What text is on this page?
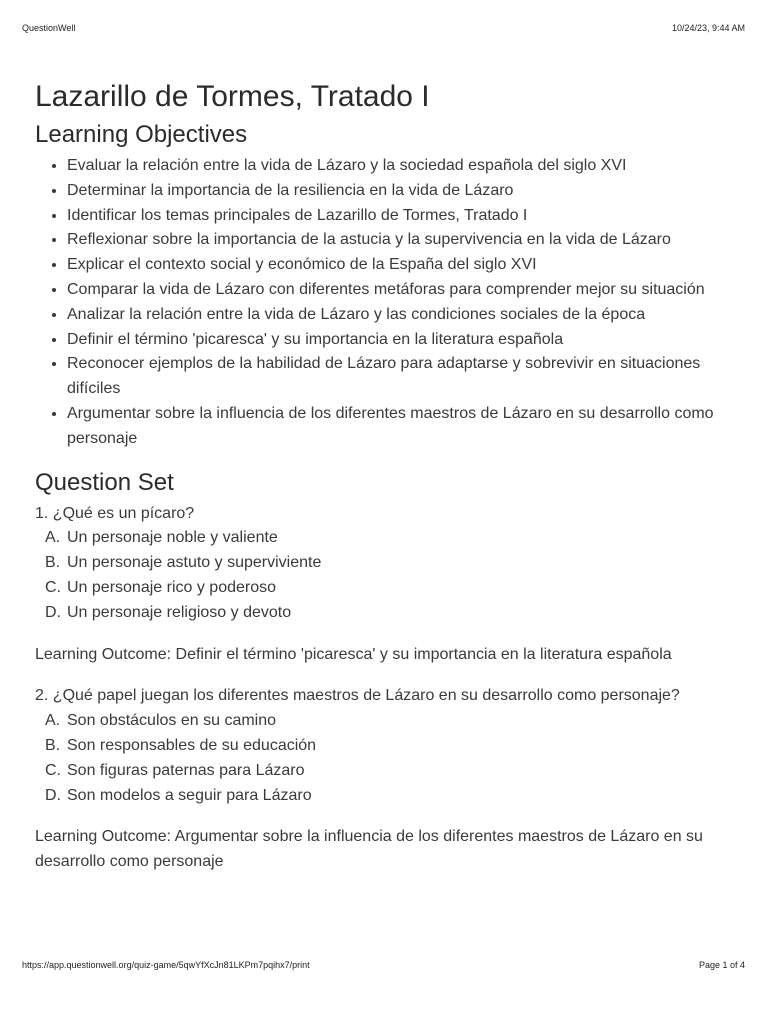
QuestionWell	10/24/23, 9:44 AM
Lazarillo de Tormes, Tratado I
Learning Objectives
• Evaluar la relación entre la vida de Lázaro y la sociedad española del siglo XVI
• Determinar la importancia de la resiliencia en la vida de Lázaro
• Identificar los temas principales de Lazarillo de Tormes, Tratado I
• Reflexionar sobre la importancia de la astucia y la supervivencia en la vida de Lázaro
• Explicar el contexto social y económico de la España del siglo XVI
• Comparar la vida de Lázaro con diferentes metáforas para comprender mejor su situación
• Analizar la relación entre la vida de Lázaro y las condiciones sociales de la época
• Definir el término 'picaresca' y su importancia en la literatura española
• Reconocer ejemplos de la habilidad de Lázaro para adaptarse y sobrevivir en situaciones difíciles
• Argumentar sobre la influencia de los diferentes maestros de Lázaro en su desarrollo como personaje
Question Set
1. ¿Qué es un pícaro?
A. Un personaje noble y valiente
B. Un personaje astuto y superviviente
C. Un personaje rico y poderoso
D. Un personaje religioso y devoto
Learning Outcome: Definir el término 'picaresca' y su importancia en la literatura española
2. ¿Qué papel juegan los diferentes maestros de Lázaro en su desarrollo como personaje?
A. Son obstáculos en su camino
B. Son responsables de su educación
C. Son figuras paternas para Lázaro
D. Son modelos a seguir para Lázaro
Learning Outcome: Argumentar sobre la influencia de los diferentes maestros de Lázaro en su desarrollo como personaje
https://app.questionwell.org/quiz-game/5qwYfXcJn81LKPm7pqihx7/print	Page 1 of 4
